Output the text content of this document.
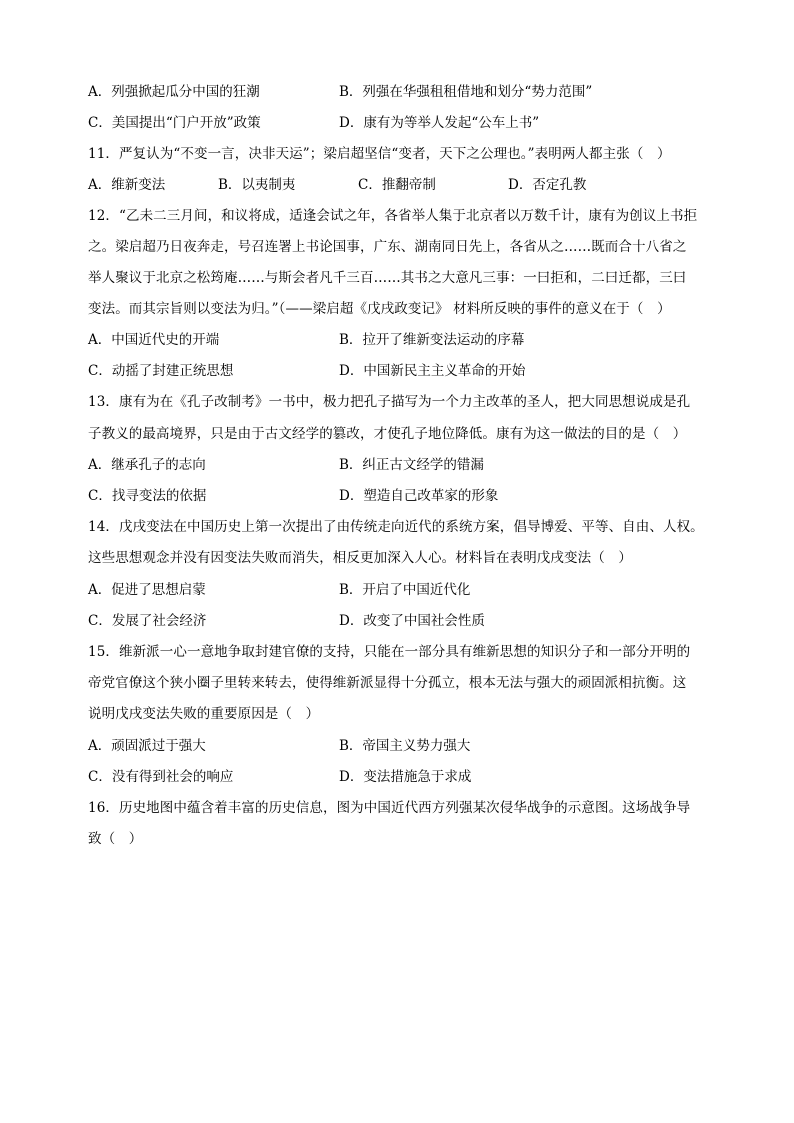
A．列强掀起瓜分中国的狂潮	B．列强在华强租租借地和划分“势力范围”
C．美国提出“门户开放”政策	D．康有为等举人发起“公车上书”
11．严复认为“不变一言，决非天运”；梁启超坚信“变者，天下之公理也。”表明两人都主张（　）
A．维新变法	B．以夷制夷	C．推翻帝制	D．否定孔教
12．“乙未二三月间，和议将成，适逢会试之年，各省举人集于北京者以万数千计，康有为创议上书拒
之。梁启超乃日夜奔走，号召连署上书论国事，广东、湖南同日先上，各省从之……既而合十八省之
举人聚议于北京之松筠庵……与斯会者凡千三百……其书之大意凡三事：一曰拒和，二曰迁都，三曰
变法。而其宗旨则以变法为归。”（——梁启超《戊戌政变记》 材料所反映的事件的意义在于（　）
A．中国近代史的开端	B．拉开了维新变法运动的序幕
C．动摇了封建正统思想	D．中国新民主主义革命的开始
13．康有为在《孔子改制考》一书中，极力把孔子描写为一个力主改革的圣人，把大同思想说成是孔
子教义的最高境界，只是由于古文经学的篡改，才使孔子地位降低。康有为这一做法的目的是（　）
A．继承孔子的志向	B．纠正古文经学的错漏
C．找寻变法的依据	D．塑造自己改革家的形象
14．戊戌变法在中国历史上第一次提出了由传统走向近代的系统方案，倡导博爱、平等、自由、人权。
这些思想观念并没有因变法失败而消失，相反更加深入人心。材料旨在表明戊戌变法（　）
A．促进了思想启蒙	B．开启了中国近代化
C．发展了社会经济	D．改变了中国社会性质
15．维新派一心一意地争取封建官僚的支持，只能在一部分具有维新思想的知识分子和一部分开明的
帝党官僚这个狭小圈子里转来转去，使得维新派显得十分孤立，根本无法与强大的顽固派相抗衡。这
说明戊戌变法失败的重要原因是（　）
A．顽固派过于强大	B．帝国主义势力强大
C．没有得到社会的响应	D．变法措施急于求成
16．历史地图中蕴含着丰富的历史信息，图为中国近代西方列强某次侵华战争的示意图。这场战争导
致（　）
